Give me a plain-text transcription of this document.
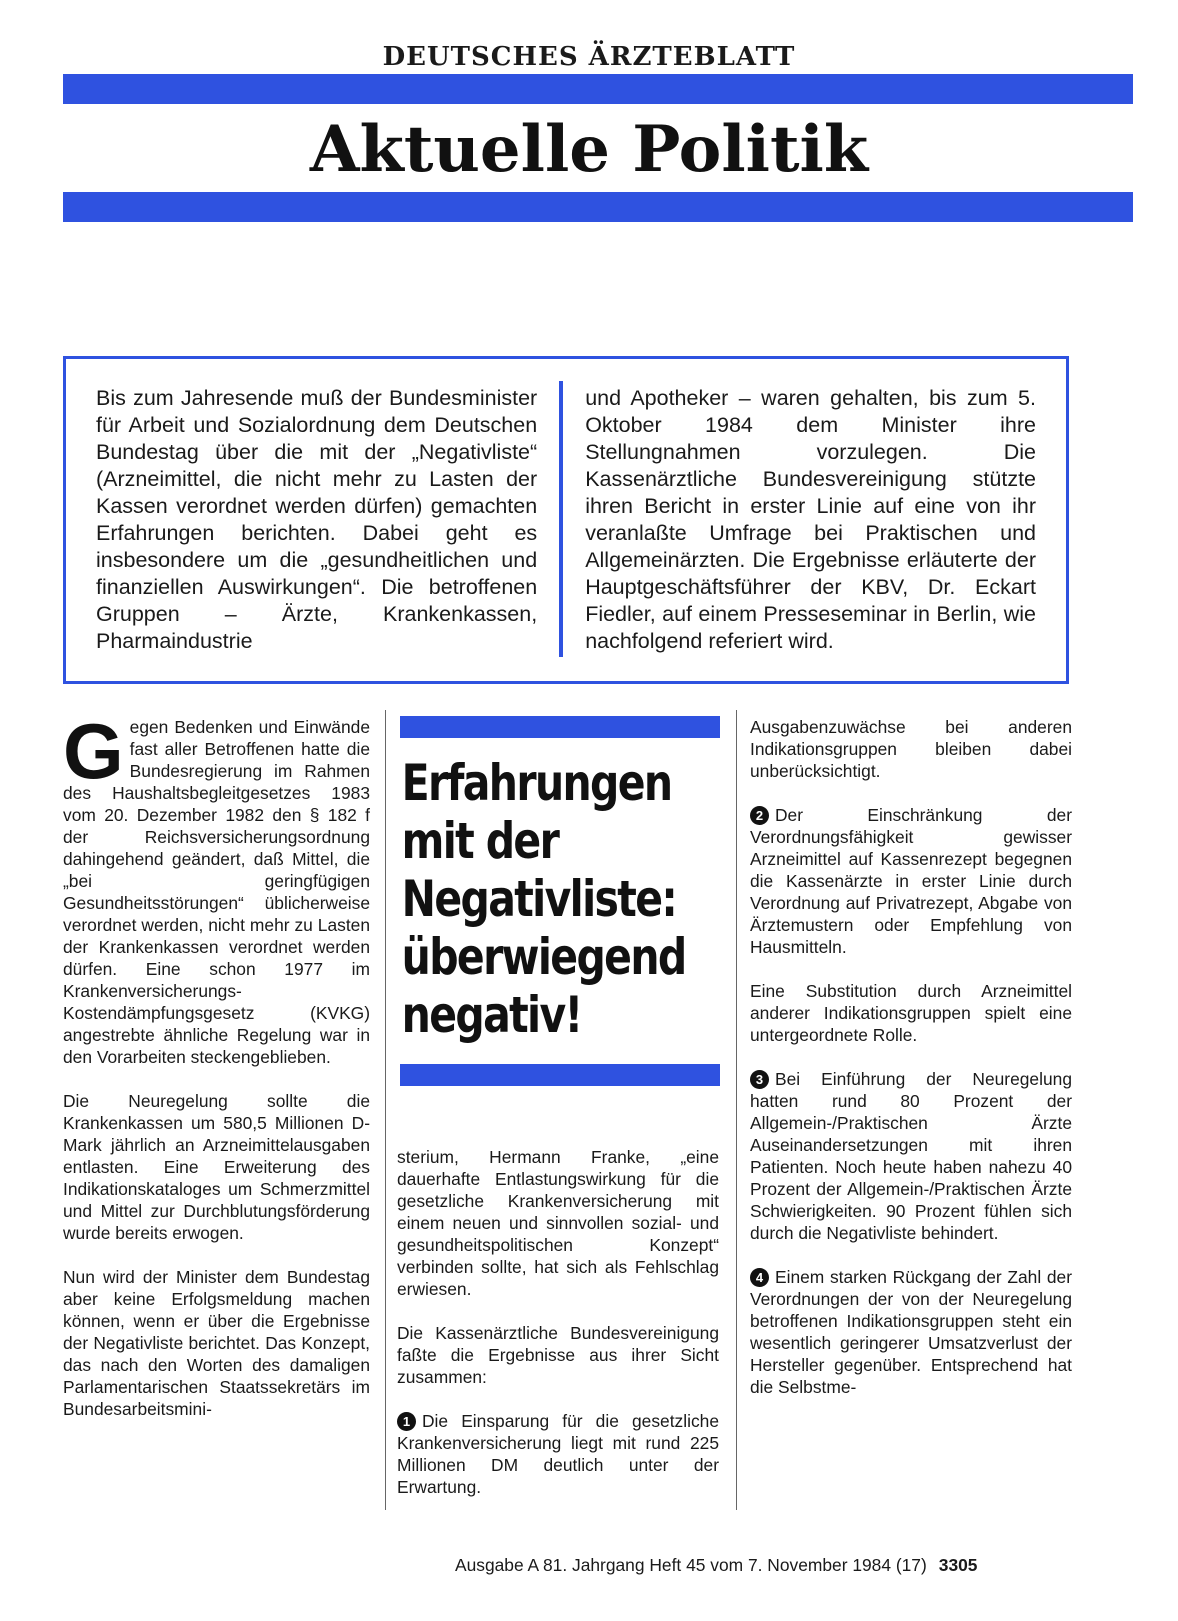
DEUTSCHES ÄRZTEBLATT
Aktuelle Politik
Bis zum Jahresende muß der Bundesminister für Arbeit und Sozialordnung dem Deutschen Bundestag über die mit der „Negativliste“ (Arzneimittel, die nicht mehr zu Lasten der Kassen verordnet werden dürfen) gemachten Erfahrungen berichten. Dabei geht es insbesondere um die „gesundheitlichen und finanziellen Auswirkungen“. Die betroffenen Gruppen – Ärzte, Krankenkassen, Pharmaindustrie
und Apotheker – waren gehalten, bis zum 5. Oktober 1984 dem Minister ihre Stellungnahmen vorzulegen. Die Kassenärztliche Bundesvereinigung stützte ihren Bericht in erster Linie auf eine von ihr veranlaßte Umfrage bei Praktischen und Allgemeinärzten. Die Ergebnisse erläuterte der Hauptgeschäftsführer der KBV, Dr. Eckart Fiedler, auf einem Presseseminar in Berlin, wie nachfolgend referiert wird.

Gegen Bedenken und Einwände fast aller Betroffenen hatte die Bundesregierung im Rahmen des Haushaltsbegleitgesetzes 1983 vom 20. Dezember 1982 den § 182 f der Reichsversicherungsordnung dahingehend geändert, daß Mittel, die „bei geringfügigen Gesundheitsstörungen“ üblicherweise verordnet werden, nicht mehr zu Lasten der Krankenkassen verordnet werden dürfen. Eine schon 1977 im Krankenversicherungs-Kostendämpfungsgesetz (KVKG) angestrebte ähnliche Regelung war in den Vorarbeiten steckengeblieben.

Die Neuregelung sollte die Krankenkassen um 580,5 Millionen D-Mark jährlich an Arzneimittelausgaben entlasten. Eine Erweiterung des Indikationskataloges um Schmerzmittel und Mittel zur Durchblutungsförderung wurde bereits erwogen.

Nun wird der Minister dem Bundestag aber keine Erfolgsmeldung machen können, wenn er über die Ergebnisse der Negativliste berichtet. Das Konzept, das nach den Worten des damaligen Parlamentarischen Staatssekretärs im Bundesarbeitsmini-

Erfahrungen mit der Negativliste: überwiegend negativ!

sterium, Hermann Franke, „eine dauerhafte Entlastungswirkung für die gesetzliche Krankenversicherung mit einem neuen und sinnvollen sozial- und gesundheitspolitischen Konzept“ verbinden sollte, hat sich als Fehlschlag erwiesen.

Die Kassenärztliche Bundesvereinigung faßte die Ergebnisse aus ihrer Sicht zusammen:

1 Die Einsparung für die gesetzliche Krankenversicherung liegt mit rund 225 Millionen DM deutlich unter der Erwartung.

Ausgabenzuwächse bei anderen Indikationsgruppen bleiben dabei unberücksichtigt.

2 Der Einschränkung der Verordnungsfähigkeit gewisser Arzneimittel auf Kassenrezept begegnen die Kassenärzte in erster Linie durch Verordnung auf Privatrezept, Abgabe von Ärztemustern oder Empfehlung von Hausmitteln.

Eine Substitution durch Arzneimittel anderer Indikationsgruppen spielt eine untergeordnete Rolle.

3 Bei Einführung der Neuregelung hatten rund 80 Prozent der Allgemein-/Praktischen Ärzte Auseinandersetzungen mit ihren Patienten. Noch heute haben nahezu 40 Prozent der Allgemein-/Praktischen Ärzte Schwierigkeiten. 90 Prozent fühlen sich durch die Negativliste behindert.

4 Einem starken Rückgang der Zahl der Verordnungen der von der Neuregelung betroffenen Indikationsgruppen steht ein wesentlich geringerer Umsatzverlust der Hersteller gegenüber. Entsprechend hat die Selbstme-

Ausgabe A 81. Jahrgang Heft 45 vom 7. November 1984 (17) 3305
